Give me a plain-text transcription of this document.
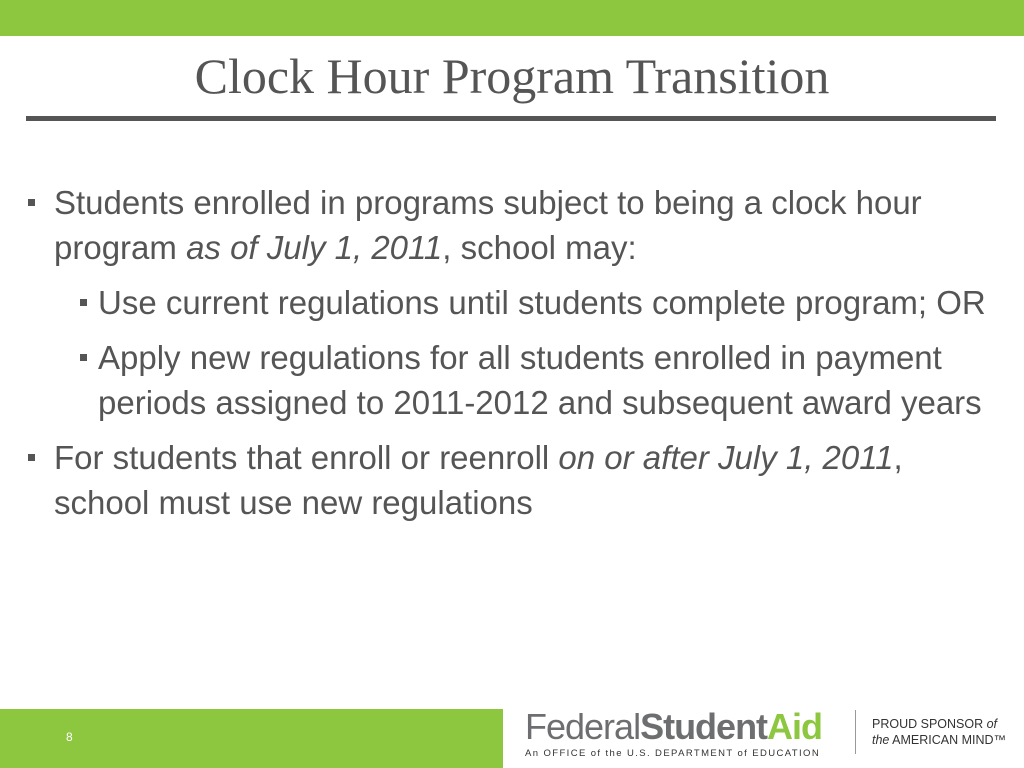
Clock Hour Program Transition

Students enrolled in programs subject to being a clock hour program as of July 1, 2011, school may:

Use current regulations until students complete program; OR

Apply new regulations for all students enrolled in payment periods assigned to 2011-2012 and subsequent award years

For students that enroll or reenroll on or after July 1, 2011, school must use new regulations

8	FederalStudentAid
An OFFICE of the U.S. DEPARTMENT of EDUCATION
PROUD SPONSOR of
the AMERICAN MIND™
